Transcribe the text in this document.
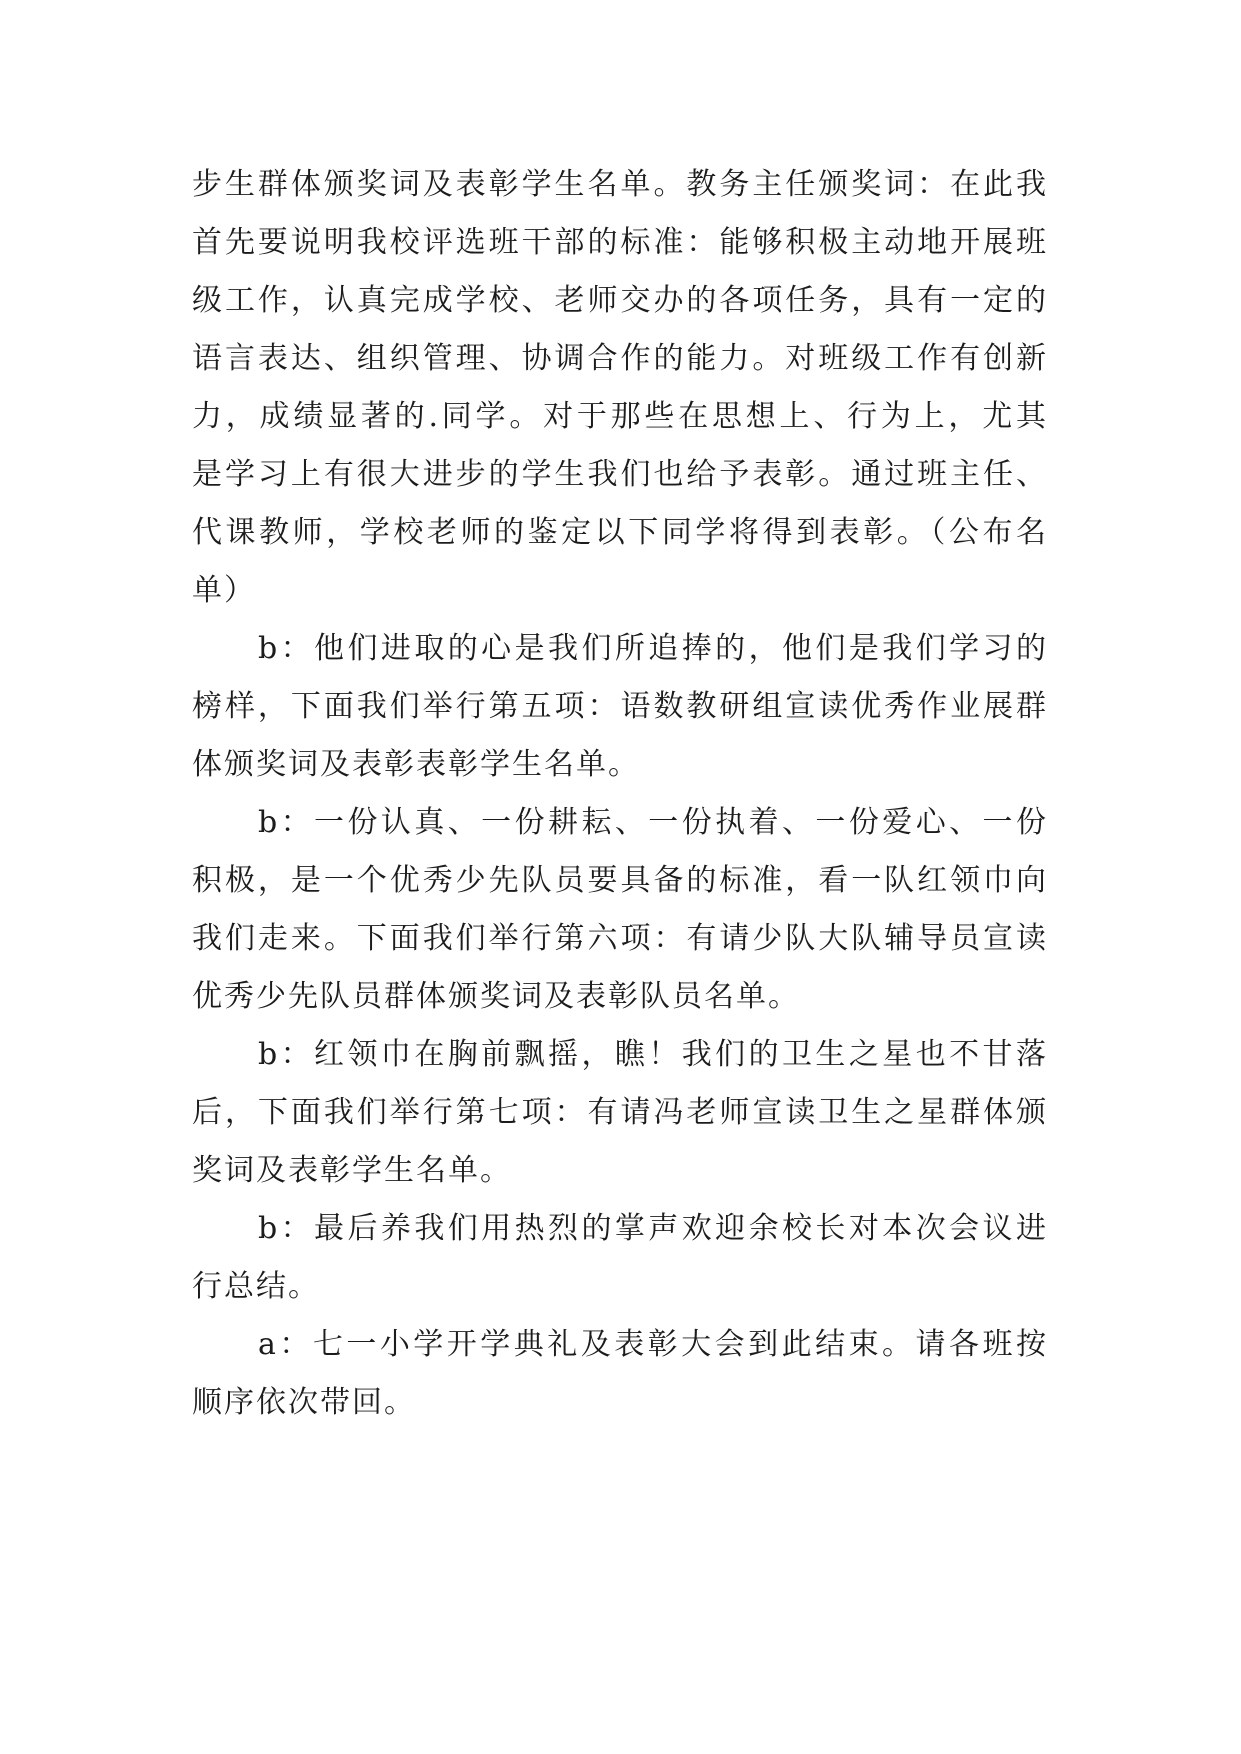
步生群体颁奖词及表彰学生名单。教务主任颁奖词：在此我
首先要说明我校评选班干部的标准：能够积极主动地开展班
级工作，认真完成学校、老师交办的各项任务，具有一定的
语言表达、组织管理、协调合作的能力。对班级工作有创新
力，成绩显著的.同学。对于那些在思想上、行为上，尤其
是学习上有很大进步的学生我们也给予表彰。通过班主任、
代课教师，学校老师的鉴定以下同学将得到表彰。（公布名
单）
b：他们进取的心是我们所追捧的，他们是我们学习的
榜样，下面我们举行第五项：语数教研组宣读优秀作业展群
体颁奖词及表彰表彰学生名单。
b：一份认真、一份耕耘、一份执着、一份爱心、一份
积极，是一个优秀少先队员要具备的标准，看一队红领巾向
我们走来。下面我们举行第六项：有请少队大队辅导员宣读
优秀少先队员群体颁奖词及表彰队员名单。
b：红领巾在胸前飘摇，瞧！我们的卫生之星也不甘落
后，下面我们举行第七项：有请冯老师宣读卫生之星群体颁
奖词及表彰学生名单。
b：最后养我们用热烈的掌声欢迎余校长对本次会议进
行总结。
a：七一小学开学典礼及表彰大会到此结束。请各班按
顺序依次带回。
